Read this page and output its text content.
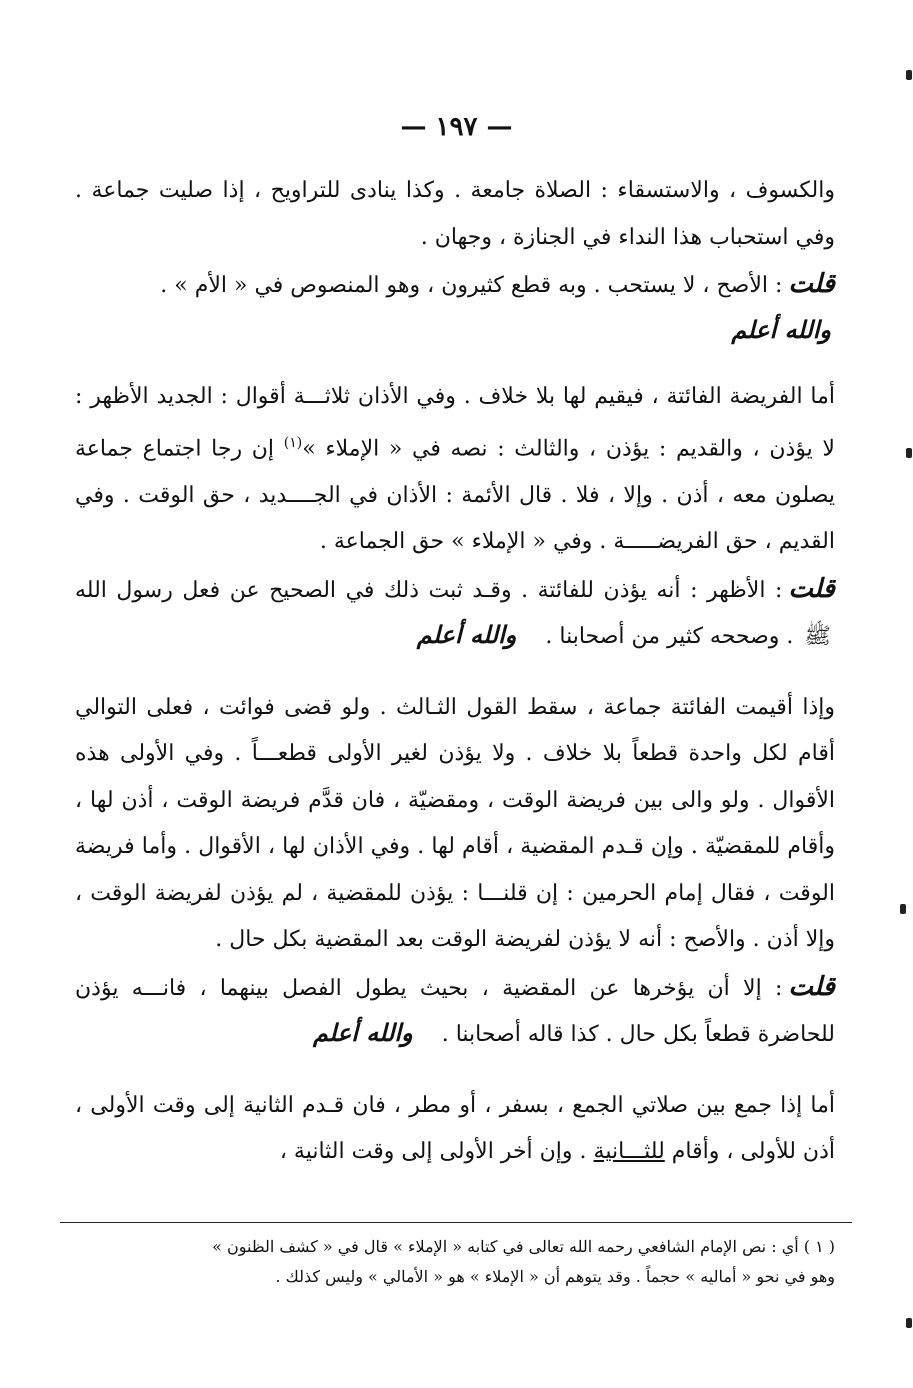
— ١٩٧ —

والكسوف ، والاستسقاء : الصلاة جامعة . وكذا ينادى للتراويح ، إذا صليت جماعة . وفي استحباب هذا النداء في الجنازة ، وجهان .

قلت: الأصح ، لا يستحب . وبه قطع كثيرون ، وهو المنصوص في « الأم » .
والله أعلم

أما الفريضة الفائتة ، فيقيم لها بلا خلاف . وفي الأذان ثلاثـــة أقوال : الجديد الأظهر : لا يؤذن ، والقديم : يؤذن ، والثالث : نصه في « الإملاء »$^{(١)}$ إن رجا اجتماع جماعة يصلون معه ، أذن . وإلا ، فلا . قال الأئمة : الأذان في الجــــديد ، حق الوقت . وفي القديم ، حق الفريضـــــة . وفي « الإملاء » حق الجماعة .

قلت: الأظهر : أنه يؤذن للفائتة . وقـد ثبت ذلك في الصحيح عن فعل رسول الله ﷺ . وصححه كثير من أصحابنا . والله أعلم

وإذا أقيمت الفائتة جماعة ، سقط القول الثـالث . ولو قضى فوائت ، فعلى التوالي أقام لكل واحدة قطعاً بلا خلاف . ولا يؤذن لغير الأولى قطعـــاً . وفي الأولى هذه الأقوال . ولو والى بين فريضة الوقت ، ومقضيّة ، فان قدَّم فريضة الوقت ، أذن لها ، وأقام للمقضيّة . وإن قـدم المقضية ، أقام لها . وفي الأذان لها ، الأقوال . وأما فريضة الوقت ، فقال إمام الحرمين : إن قلنـــا : يؤذن للمقضية ، لم يؤذن لفريضة الوقت ، وإلا أذن . والأصح : أنه لا يؤذن لفريضة الوقت بعد المقضية بكل حال .

قلت: إلا أن يؤخرها عن المقضية ، بحيث يطول الفصل بينهما ، فانـــه يؤذن للحاضرة قطعاً بكل حال . كذا قاله أصحابنا . والله أعلم

أما إذا جمع بين صلاتي الجمع ، بسفر ، أو مطر ، فان قـدم الثانية إلى وقت الأولى ، أذن للأولى ، وأقام للثـــانية . وإن أخر الأولى إلى وقت الثانية ،

( ١ ) أي : نص الإمام الشافعي رحمه الله تعالى في كتابه « الإملاء » قال في « كشف الظنون »
وهو في نحو « أماليه » حجماً . وقد يتوهم أن « الإملاء » هو « الأمالي » وليس كذلك .
